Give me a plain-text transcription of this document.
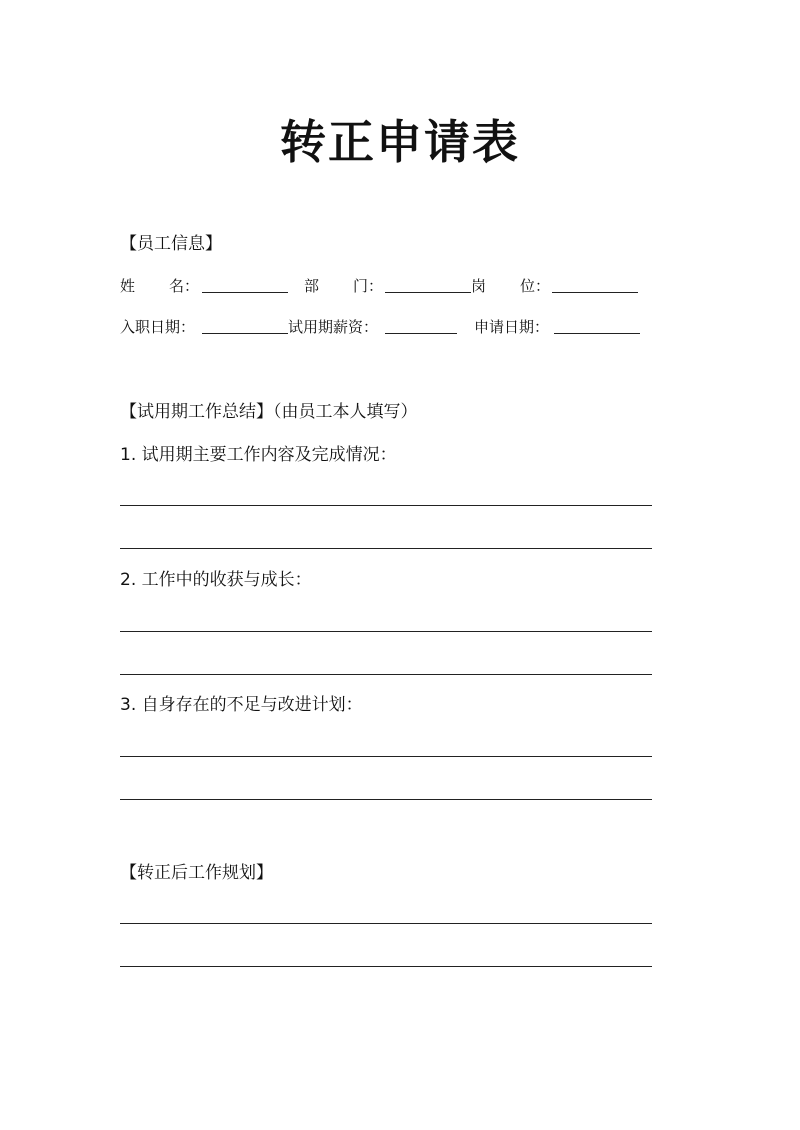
转正申请表
【员工信息】
姓 名：	部 门：	岗 位：
入职日期：	试用期薪资：	申请日期：
【试用期工作总结】（由员工本人填写）
1. 试用期主要工作内容及完成情况：
2. 工作中的收获与成长：
3. 自身存在的不足与改进计划：
【转正后工作规划】
